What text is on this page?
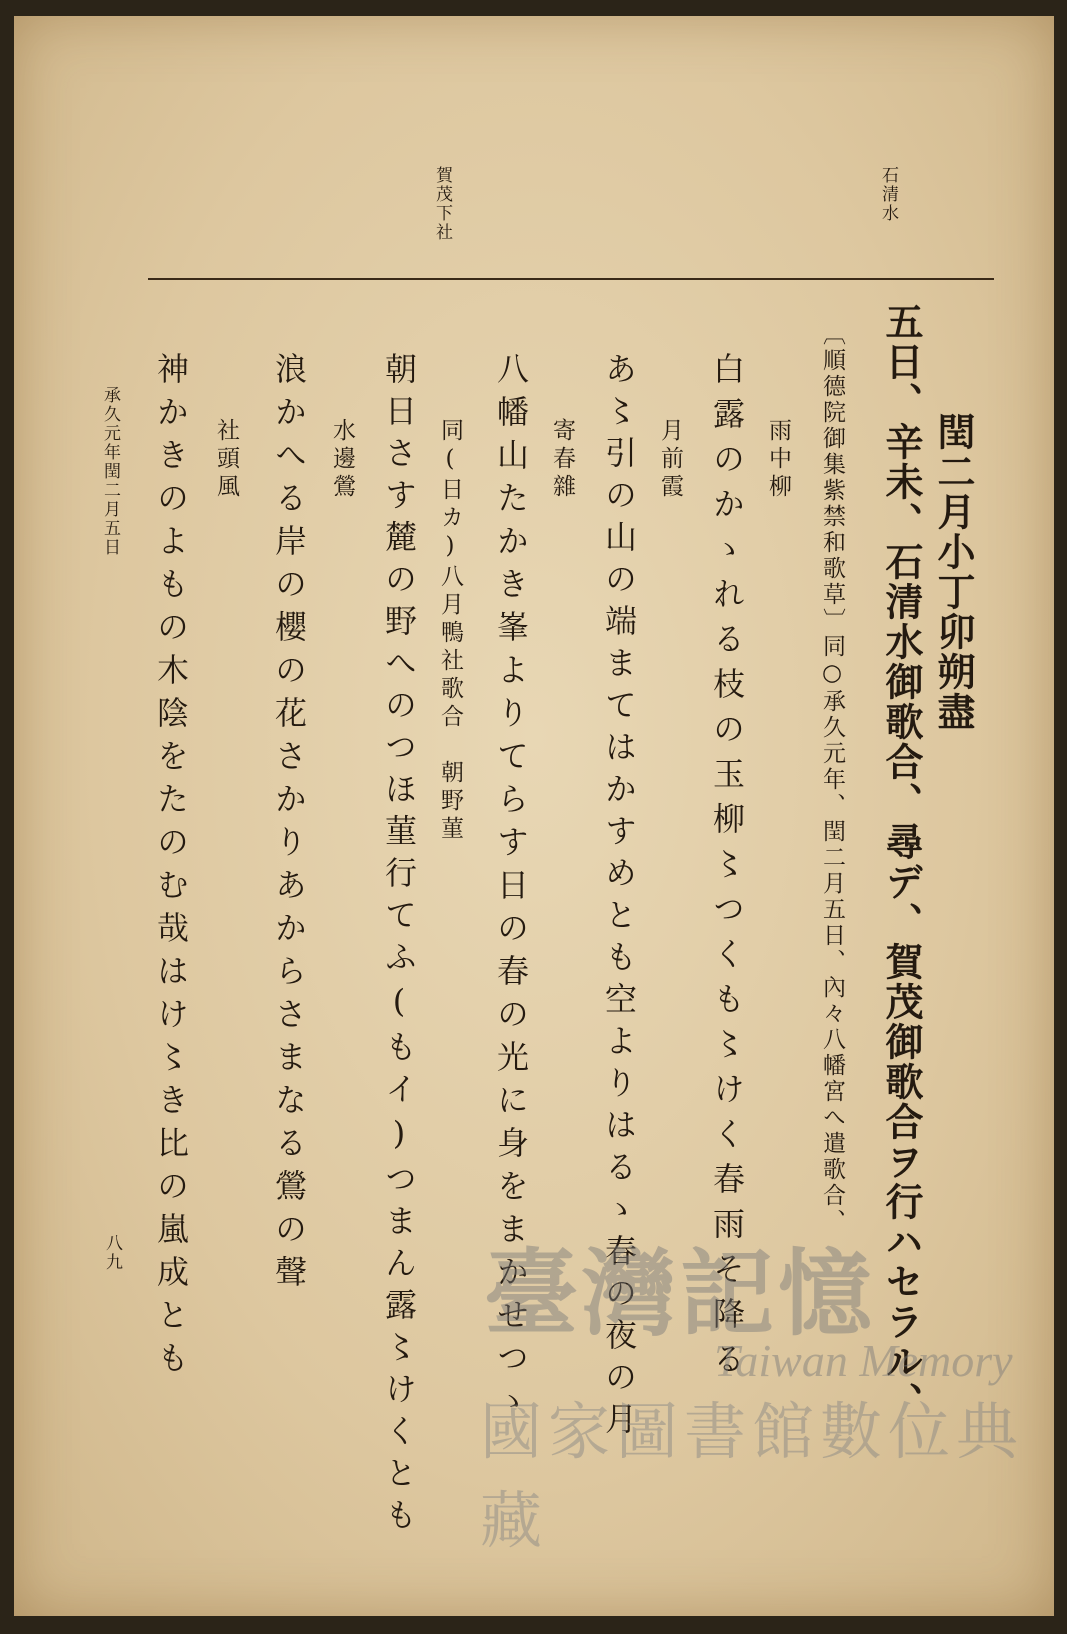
石清水
賀茂下社
閏二月小丁卯朔盡
五日、辛未、石清水御歌合、尋デ、賀茂御歌合ヲ行ハセラル、
〔順德院御集紫禁和歌草〕同○承久元年、閏二月五日、內々八幡宮へ遣歌合、
雨中柳
白露のかゝれる枝の玉柳〻つくも〻けく春雨そ降る
月前霞
あ〻引の山の端まてはかすめとも空よりはるゝ春の夜の月
寄春雜
八幡山たかき峯よりてらす日の春の光に身をまかせつゝ
同(日カ)八月鴨社歌合　朝野菫
朝日さす麓の野へのつほ菫行てふ(もイ)つまん露〻けくとも
水邊鶯
浪かへる岸の櫻の花さかりあからさまなる鶯の聲
社頭風
神かきのよもの木陰をたのむ哉はけ〻き比の嵐成とも
承久元年閏二月五日
八九	臺灣記憶
Taiwan Memory
國家圖書館數位典藏
